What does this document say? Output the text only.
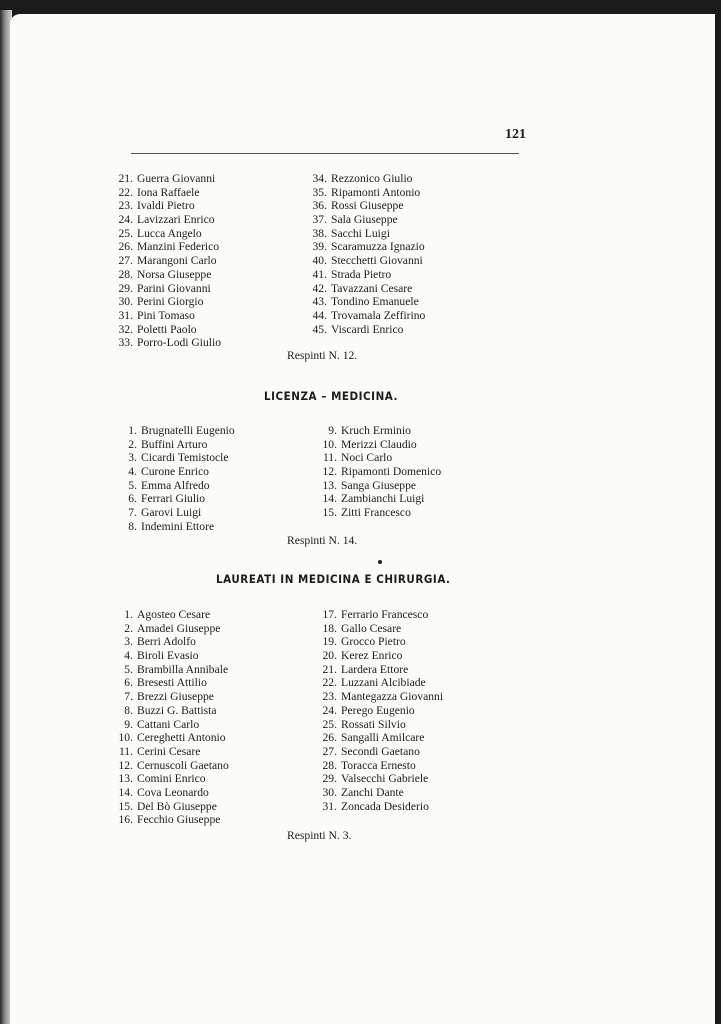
121
21. Guerra Giovanni
22. Iona Raffaele
23. Ivaldi Pietro
24. Lavizzari Enrico
25. Lucca Angelo
26. Manzini Federico
27. Marangoni Carlo
28. Norsa Giuseppe
29. Parini Giovanni
30. Perini Giorgio
31. Pini Tomaso
32. Poletti Paolo
33. Porro-Lodi Giulio
34. Rezzonico Giulio
35. Ripamonti Antonio
36. Rossi Giuseppe
37. Sala Giuseppe
38. Sacchi Luigi
39. Scaramuzza Ignazio
40. Stecchetti Giovanni
41. Strada Pietro
42. Tavazzani Cesare
43. Tondino Emanuele
44. Trovamala Zeffirino
45. Viscardi Enrico
Respinti N. 12.
LICENZA – MEDICINA.
1. Brugnatelli Eugenio
2. Buffini Arturo
3. Cicardi Temistocle
4. Curone Enrico
5. Emma Alfredo
6. Ferrari Giulio
7. Garovi Luigi
8. Indemini Ettore
9. Kruch Erminio
10. Merizzi Claudio
11. Noci Carlo
12. Ripamonti Domenico
13. Sanga Giuseppe
14. Zambianchi Luigi
15. Zitti Francesco
Respinti N. 14.
LAUREATI IN MEDICINA E CHIRURGIA.
1. Agosteo Cesare
2. Amadei Giuseppe
3. Berri Adolfo
4. Biroli Evasio
5. Brambilla Annibale
6. Bresesti Attilio
7. Brezzi Giuseppe
8. Buzzi G. Battista
9. Cattani Carlo
10. Cereghetti Antonio
11. Cerini Cesare
12. Cernuscoli Gaetano
13. Comini Enrico
14. Cova Leonardo
15. Del Bò Giuseppe
16. Fecchio Giuseppe
17. Ferrario Francesco
18. Gallo Cesare
19. Grocco Pietro
20. Kerez Enrico
21. Lardera Ettore
22. Luzzani Alcibiade
23. Mantegazza Giovanni
24. Perego Eugenio
25. Rossati Silvio
26. Sangalli Amilcare
27. Secondi Gaetano
28. Toracca Ernesto
29. Valsecchi Gabriele
30. Zanchi Dante
31. Zoncada Desiderio
Respinti N. 3.
